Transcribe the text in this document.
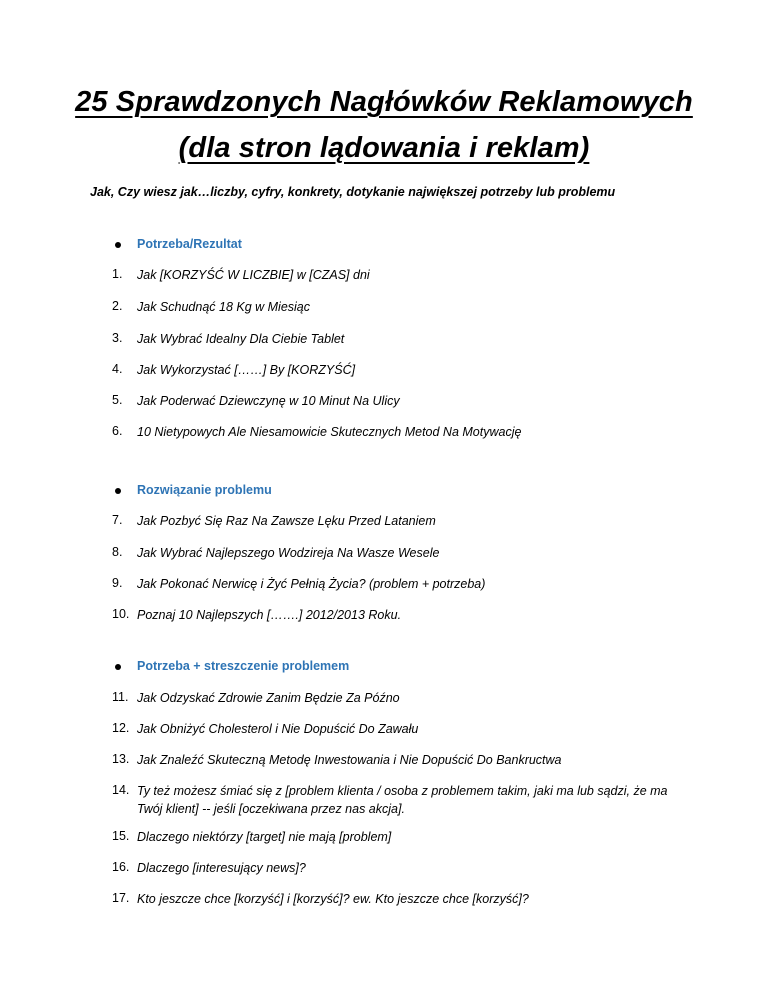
25 Sprawdzonych Nagłówków Reklamowych
(dla stron lądowania i reklam)
Jak, Czy wiesz jak…liczby, cyfry, konkrety, dotykanie największej potrzeby lub problemu
Potrzeba/Rezultat
1. Jak [KORZYŚĆ W LICZBIE] w [CZAS] dni
2. Jak Schudnąć 18 Kg w Miesiąc
3. Jak Wybrać Idealny Dla Ciebie Tablet
4. Jak Wykorzystać [……] By [KORZYŚĆ]
5. Jak Poderwać Dziewczynę w 10 Minut Na Ulicy
6. 10 Nietypowych Ale Niesamowicie Skutecznych Metod Na Motywację
Rozwiązanie problemu
7. Jak Pozbyć Się Raz Na Zawsze Lęku Przed Lataniem
8. Jak Wybrać Najlepszego Wodzireja Na Wasze Wesele
9. Jak Pokonać Nerwicę i Żyć Pełnią Życia? (problem + potrzeba)
10. Poznaj 10 Najlepszych […….] 2012/2013 Roku.
Potrzeba + streszczenie problemem
11. Jak Odzyskać Zdrowie Zanim Będzie Za Późno
12. Jak Obniżyć Cholesterol i Nie Dopuścić Do Zawału
13. Jak Znaleźć Skuteczną Metodę Inwestowania i Nie Dopuścić Do Bankructwa
14. Ty też możesz śmiać się z [problem klienta / osoba z problemem takim, jaki ma lub sądzi, że ma Twój klient] -- jeśli [oczekiwana przez nas akcja].
15. Dlaczego niektórzy [target] nie mają [problem]
16. Dlaczego [interesujący news]?
17. Kto jeszcze chce [korzyść] i [korzyść]? ew. Kto jeszcze chce [korzyść]?
